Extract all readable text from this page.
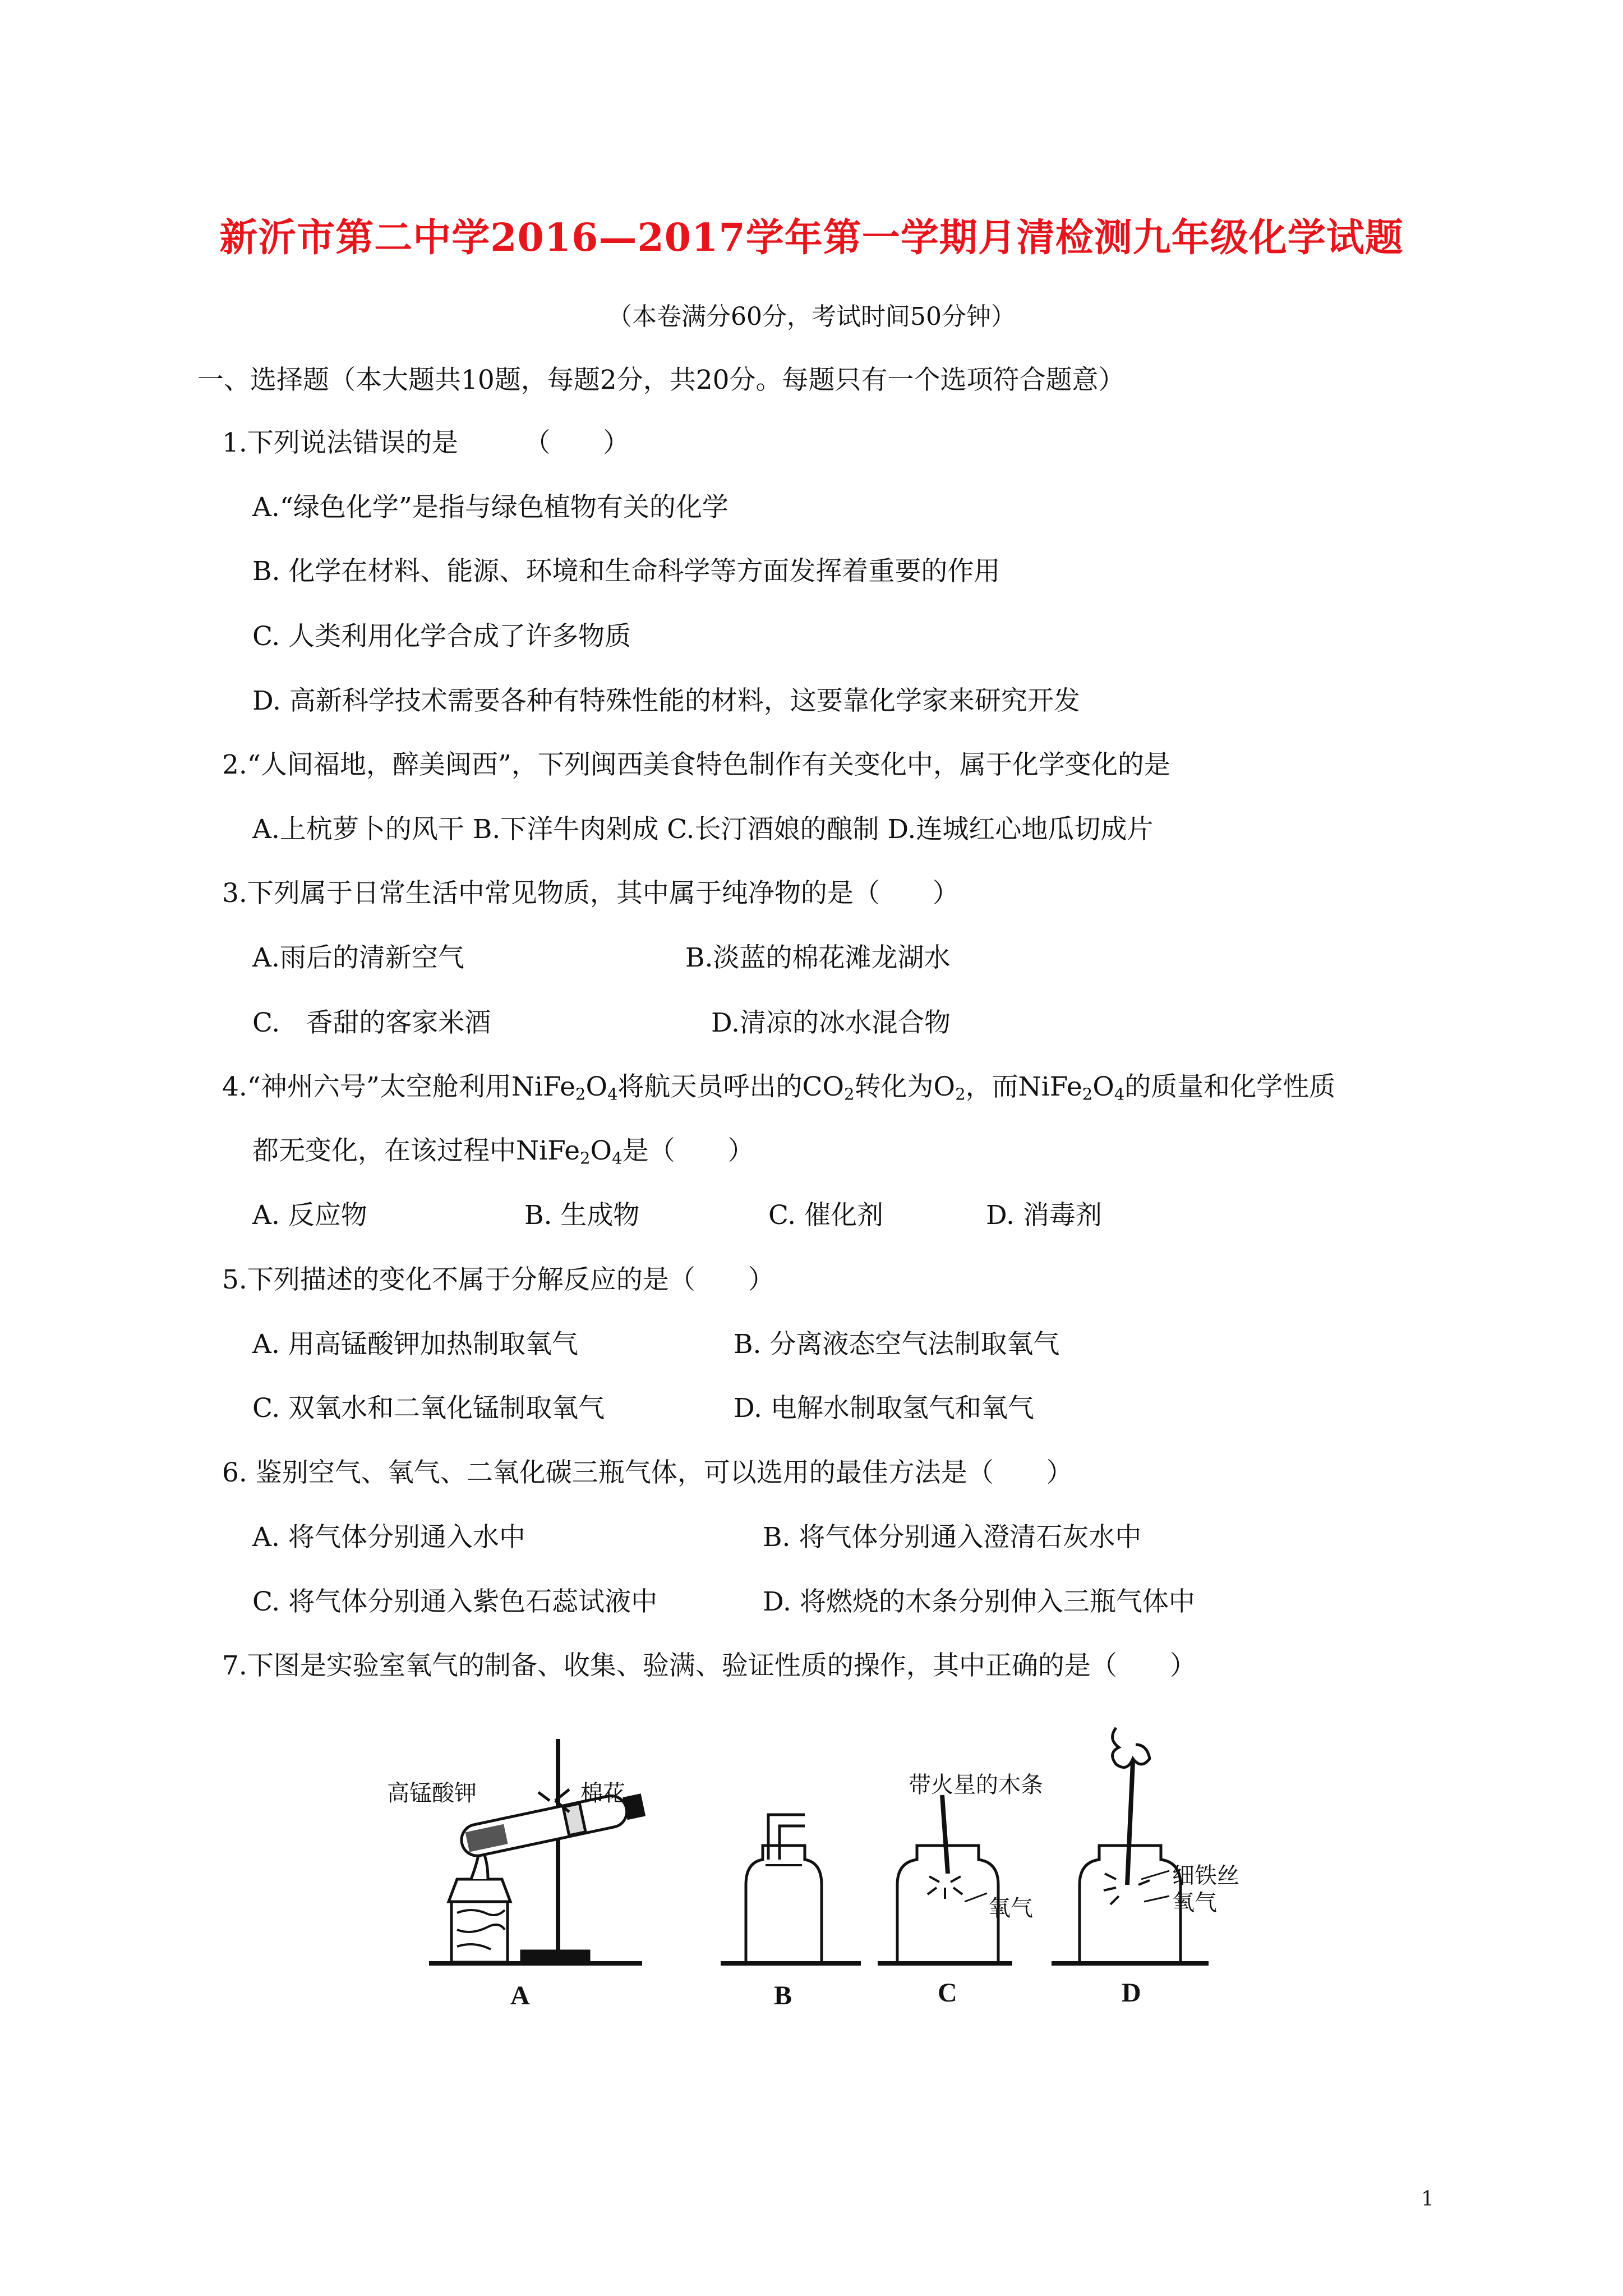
新沂市第二中学2016—2017学年第一学期月清检测九年级化学试题
（本卷满分60分，考试时间50分钟）
一、选择题（本大题共10题，每题2分，共20分。每题只有一个选项符合题意）
1.下列说法错误的是　　　（　　）
A.“绿色化学”是指与绿色植物有关的化学
B. 化学在材料、能源、环境和生命科学等方面发挥着重要的作用
C. 人类利用化学合成了许多物质
D. 高新科学技术需要各种有特殊性能的材料，这要靠化学家来研究开发
2.“人间福地，醉美闽西”，下列闽西美食特色制作有关变化中，属于化学变化的是
A.上杭萝卜的风干 B.下洋牛肉剁成 C.长汀酒娘的酿制 D.连城红心地瓜切成片
3.下列属于日常生活中常见物质，其中属于纯净物的是（　　）
A.雨后的清新空气	B.淡蓝的棉花滩龙湖水
C.　香甜的客家米酒	D.清凉的冰水混合物
4.“神州六号”太空舱利用$NiFe_2O_4$将航天员呼出的$CO_2$转化为$O_2$，而$NiFe_2O_4$的质量和化学性质
都无变化，在该过程中$NiFe_2O_4$是（　　）
A. 反应物	B. 生成物	C. 催化剂	D. 消毒剂
5.下列描述的变化不属于分解反应的是（　　）
A. 用高锰酸钾加热制取氧气	B. 分离液态空气法制取氧气
C. 双氧水和二氧化锰制取氧气	D. 电解水制取氢气和氧气
6. 鉴别空气、氧气、二氧化碳三瓶气体，可以选用的最佳方法是（　　）
A. 将气体分别通入水中	B. 将气体分别通入澄清石灰水中
C. 将气体分别通入紫色石蕊试液中	D. 将燃烧的木条分别伸入三瓶气体中
7.下图是实验室氧气的制备、收集、验满、验证性质的操作，其中正确的是（　　）
高锰酸钾	棉花	带火星的木条
氧气
细铁丝
氧气
A	B	C	D
1
